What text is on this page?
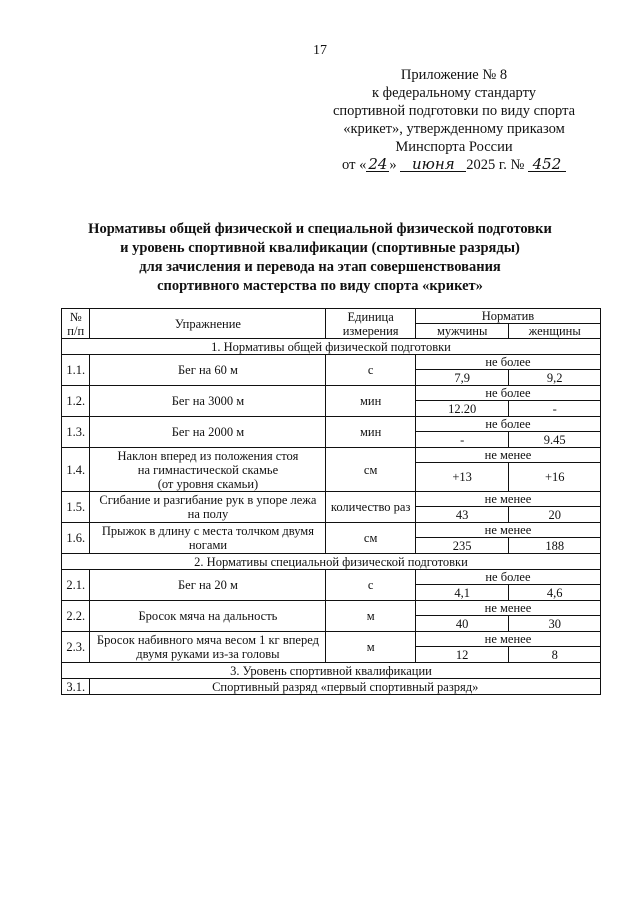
17
Приложение № 8
к федеральному стандарту
спортивной подготовки по виду спорта
«крикет», утвержденному приказом
Минспорта России
от « 24 » июня 2025 г. № 452
Нормативы общей физической и специальной физической подготовки
и уровень спортивной квалификации (спортивные разряды)
для зачисления и перевода на этап совершенствования
спортивного мастерства по виду спорта «крикет»
№ п/п	Упражнение	Единица измерения	Норматив	
			мужчины	женщины
1. Нормативы общей физической подготовки				
1.1.	Бег на 60 м	с	не более	
			7,9	9,2
1.2.	Бег на 3000 м	мин	не более	
			12.20	-
1.3.	Бег на 2000 м	мин	не более	
			-	9.45
1.4.	Наклон вперед из положения стоя
на гимнастической скамье
(от уровня скамьи)	см	не менее	
			+13	+16
1.5.	Сгибание и разгибание рук в упоре лежа
на полу	количество раз	не менее	
			43	20
1.6.	Прыжок в длину с места толчком двумя
ногами	см	не менее	
			235	188
2. Нормативы специальной физической подготовки				
2.1.	Бег на 20 м	с	не более	
			4,1	4,6
2.2.	Бросок мяча на дальность	м	не менее	
			40	30
2.3.	Бросок набивного мяча весом 1 кг вперед
двумя руками из-за головы	м	не менее	
			12	8
3. Уровень спортивной квалификации				
3.1.	Спортивный разряд «первый спортивный разряд»			
